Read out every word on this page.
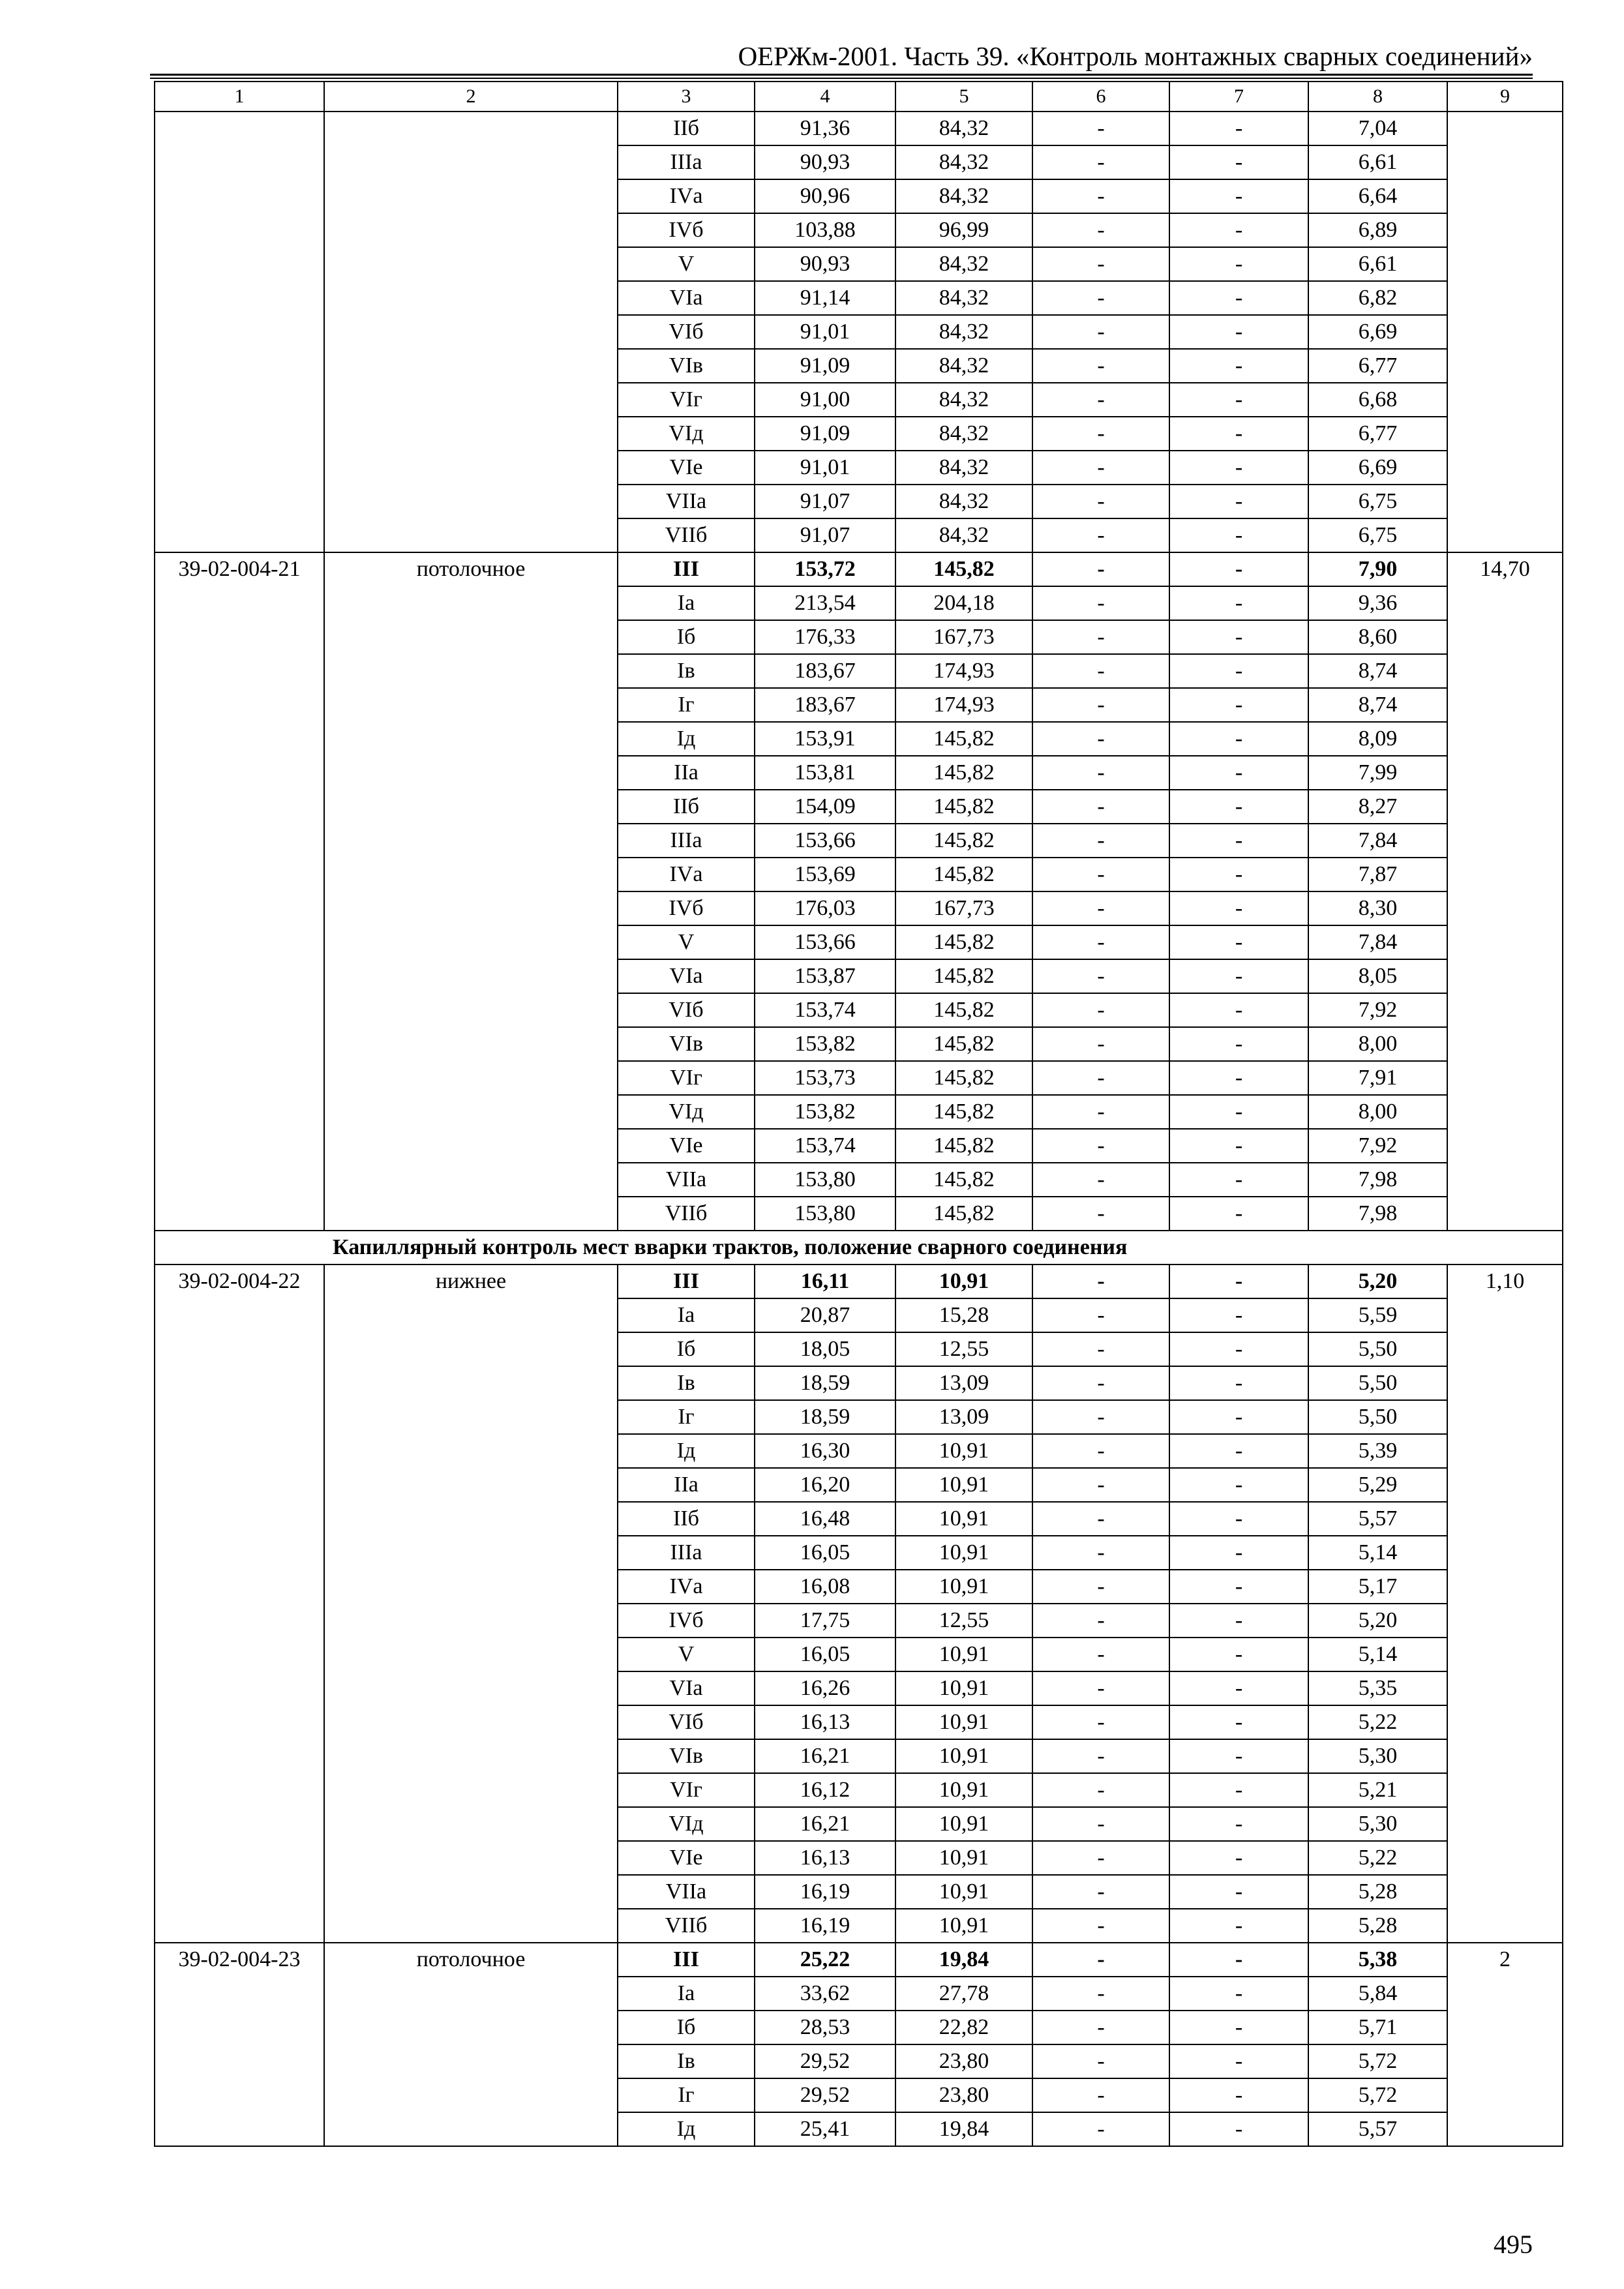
ОЕРЖм-2001. Часть 39. «Контроль монтажных сварных соединений»
1	2	3	4	5	6	7	8	9
		IIб	91,36	84,32	-	-	7,04	
		IIIа	90,93	84,32	-	-	6,61	
		IVа	90,96	84,32	-	-	6,64	
		IVб	103,88	96,99	-	-	6,89	
		V	90,93	84,32	-	-	6,61	
		VIа	91,14	84,32	-	-	6,82	
		VIб	91,01	84,32	-	-	6,69	
		VIв	91,09	84,32	-	-	6,77	
		VIг	91,00	84,32	-	-	6,68	
		VIд	91,09	84,32	-	-	6,77	
		VIе	91,01	84,32	-	-	6,69	
		VIIа	91,07	84,32	-	-	6,75	
		VIIб	91,07	84,32	-	-	6,75	
39-02-004-21	потолочное	III	153,72	145,82	-	-	7,90	14,70
		Iа	213,54	204,18	-	-	9,36	
		Iб	176,33	167,73	-	-	8,60	
		Iв	183,67	174,93	-	-	8,74	
		Iг	183,67	174,93	-	-	8,74	
		Iд	153,91	145,82	-	-	8,09	
		IIа	153,81	145,82	-	-	7,99	
		IIб	154,09	145,82	-	-	8,27	
		IIIа	153,66	145,82	-	-	7,84	
		IVа	153,69	145,82	-	-	7,87	
		IVб	176,03	167,73	-	-	8,30	
		V	153,66	145,82	-	-	7,84	
		VIа	153,87	145,82	-	-	8,05	
		VIб	153,74	145,82	-	-	7,92	
		VIв	153,82	145,82	-	-	8,00	
		VIг	153,73	145,82	-	-	7,91	
		VIд	153,82	145,82	-	-	8,00	
		VIе	153,74	145,82	-	-	7,92	
		VIIа	153,80	145,82	-	-	7,98	
		VIIб	153,80	145,82	-	-	7,98	
Капиллярный контроль мест вварки трактов, положение сварного соединения								
39-02-004-22	нижнее	III	16,11	10,91	-	-	5,20	1,10
		Iа	20,87	15,28	-	-	5,59	
		Iб	18,05	12,55	-	-	5,50	
		Iв	18,59	13,09	-	-	5,50	
		Iг	18,59	13,09	-	-	5,50	
		Iд	16,30	10,91	-	-	5,39	
		IIа	16,20	10,91	-	-	5,29	
		IIб	16,48	10,91	-	-	5,57	
		IIIа	16,05	10,91	-	-	5,14	
		IVа	16,08	10,91	-	-	5,17	
		IVб	17,75	12,55	-	-	5,20	
		V	16,05	10,91	-	-	5,14	
		VIа	16,26	10,91	-	-	5,35	
		VIб	16,13	10,91	-	-	5,22	
		VIв	16,21	10,91	-	-	5,30	
		VIг	16,12	10,91	-	-	5,21	
		VIд	16,21	10,91	-	-	5,30	
		VIе	16,13	10,91	-	-	5,22	
		VIIа	16,19	10,91	-	-	5,28	
		VIIб	16,19	10,91	-	-	5,28	
39-02-004-23	потолочное	III	25,22	19,84	-	-	5,38	2
		Iа	33,62	27,78	-	-	5,84	
		Iб	28,53	22,82	-	-	5,71	
		Iв	29,52	23,80	-	-	5,72	
		Iг	29,52	23,80	-	-	5,72	
		Iд	25,41	19,84	-	-	5,57	
495
